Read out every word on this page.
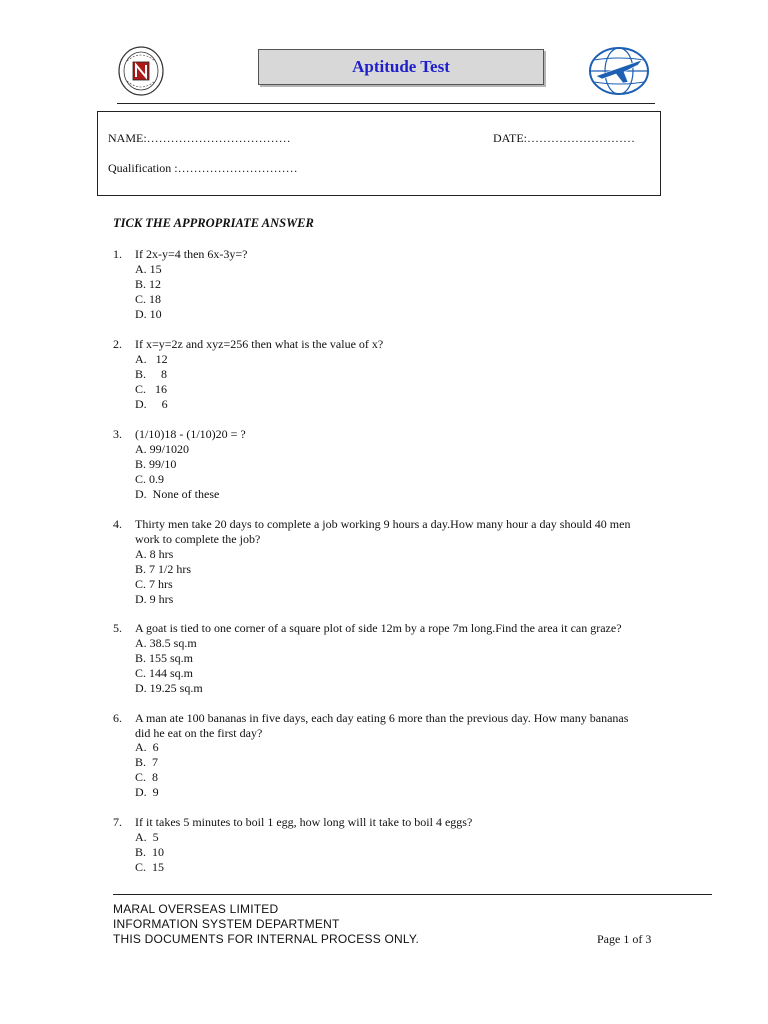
Aptitude Test
NAME:………………………………	DATE:………………………
Qualification :…………………………
TICK THE APPROPRIATE ANSWER
1. If 2x-y=4 then 6x-3y=?
A. 15
B. 12
C. 18
D. 10
2. If x=y=2z and xyz=256 then what is the value of x?
A.   12
B.     8
C.   16
D.     6
3. (1/10)18 - (1/10)20 = ?
A. 99/1020
B. 99/10
C. 0.9
D.  None of these
4. Thirty men take 20 days to complete a job working 9 hours a day.How many hour a day should 40 men
work to complete the job?
A. 8 hrs
B. 7 1/2 hrs
C. 7 hrs
D. 9 hrs
5. A goat is tied to one corner of a square plot of side 12m by a rope 7m long.Find the area it can graze?
A. 38.5 sq.m
B. 155 sq.m
C. 144 sq.m
D. 19.25 sq.m
6. A man ate 100 bananas in five days, each day eating 6 more than the previous day. How many bananas
did he eat on the first day?
A.  6
B.  7
C.  8
D.  9
7. If it takes 5 minutes to boil 1 egg, how long will it take to boil 4 eggs?
A.  5
B.  10
C.  15
MARAL OVERSEAS LIMITED
INFORMATION SYSTEM DEPARTMENT
THIS DOCUMENTS FOR INTERNAL PROCESS ONLY.	Page 1 of 3
